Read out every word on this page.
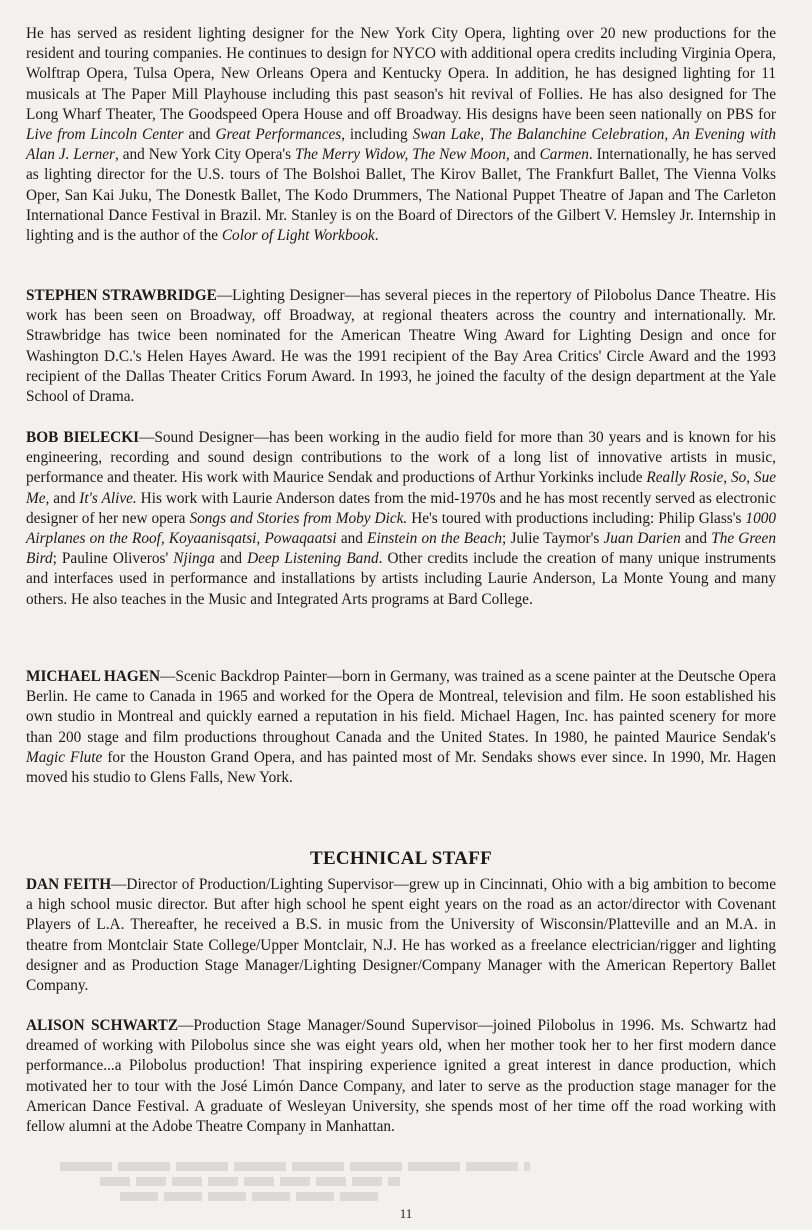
He has served as resident lighting designer for the New York City Opera, lighting over 20 new productions for the resident and touring companies. He continues to design for NYCO with additional opera credits including Virginia Opera, Wolftrap Opera, Tulsa Opera, New Orleans Opera and Kentucky Opera. In addition, he has designed lighting for 11 musicals at The Paper Mill Playhouse including this past season's hit revival of Follies. He has also designed for The Long Wharf Theater, The Goodspeed Opera House and off Broadway. His designs have been seen nationally on PBS for Live from Lincoln Center and Great Performances, including Swan Lake, The Balanchine Celebration, An Evening with Alan J. Lerner, and New York City Opera's The Merry Widow, The New Moon, and Carmen. Internationally, he has served as lighting director for the U.S. tours of The Bolshoi Ballet, The Kirov Ballet, The Frankfurt Ballet, The Vienna Volks Oper, San Kai Juku, The Donestk Ballet, The Kodo Drummers, The National Puppet Theatre of Japan and The Carleton International Dance Festival in Brazil. Mr. Stanley is on the Board of Directors of the Gilbert V. Hemsley Jr. Internship in lighting and is the author of the Color of Light Workbook.

STEPHEN STRAWBRIDGE—Lighting Designer—has several pieces in the repertory of Pilobolus Dance Theatre. His work has been seen on Broadway, off Broadway, at regional theaters across the country and internationally. Mr. Strawbridge has twice been nominated for the American Theatre Wing Award for Lighting Design and once for Washington D.C.'s Helen Hayes Award. He was the 1991 recipient of the Bay Area Critics' Circle Award and the 1993 recipient of the Dallas Theater Critics Forum Award. In 1993, he joined the faculty of the design department at the Yale School of Drama.

BOB BIELECKI—Sound Designer—has been working in the audio field for more than 30 years and is known for his engineering, recording and sound design contributions to the work of a long list of innovative artists in music, performance and theater. His work with Maurice Sendak and productions of Arthur Yorkinks include Really Rosie, So, Sue Me, and It's Alive. His work with Laurie Anderson dates from the mid-1970s and he has most recently served as electronic designer of her new opera Songs and Stories from Moby Dick. He's toured with productions including: Philip Glass's 1000 Airplanes on the Roof, Koyaanisqatsi, Powaqaatsi and Einstein on the Beach; Julie Taymor's Juan Darien and The Green Bird; Pauline Oliveros' Njinga and Deep Listening Band. Other credits include the creation of many unique instruments and interfaces used in performance and installations by artists including Laurie Anderson, La Monte Young and many others. He also teaches in the Music and Integrated Arts programs at Bard College.

MICHAEL HAGEN—Scenic Backdrop Painter—born in Germany, was trained as a scene painter at the Deutsche Opera Berlin. He came to Canada in 1965 and worked for the Opera de Montreal, television and film. He soon established his own studio in Montreal and quickly earned a reputation in his field. Michael Hagen, Inc. has painted scenery for more than 200 stage and film productions throughout Canada and the United States. In 1980, he painted Maurice Sendak's Magic Flute for the Houston Grand Opera, and has painted most of Mr. Sendaks shows ever since. In 1990, Mr. Hagen moved his studio to Glens Falls, New York.

TECHNICAL STAFF

DAN FEITH—Director of Production/Lighting Supervisor—grew up in Cincinnati, Ohio with a big ambition to become a high school music director. But after high school he spent eight years on the road as an actor/director with Covenant Players of L.A. Thereafter, he received a B.S. in music from the University of Wisconsin/Platteville and an M.A. in theatre from Montclair State College/Upper Montclair, N.J. He has worked as a freelance electrician/rigger and lighting designer and as Production Stage Manager/Lighting Designer/Company Manager with the American Repertory Ballet Company.

ALISON SCHWARTZ—Production Stage Manager/Sound Supervisor—joined Pilobolus in 1996. Ms. Schwartz had dreamed of working with Pilobolus since she was eight years old, when her mother took her to her first modern dance performance...a Pilobolus production! That inspiring experience ignited a great interest in dance production, which motivated her to tour with the José Limón Dance Company, and later to serve as the production stage manager for the American Dance Festival. A graduate of Wesleyan University, she spends most of her time off the road working with fellow alumni at the Adobe Theatre Company in Manhattan.

11
